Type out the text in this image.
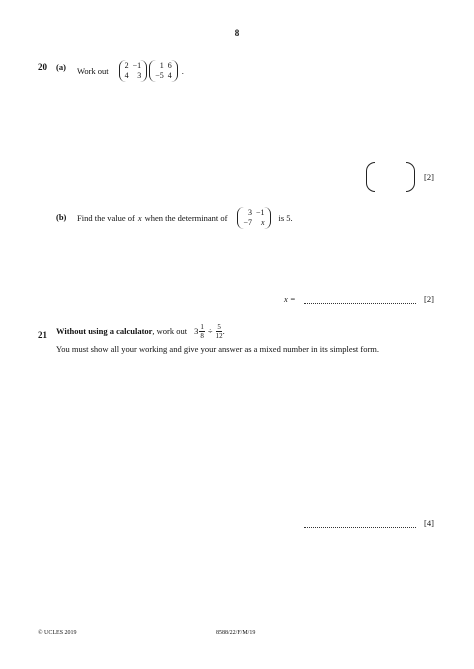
8
20 (a) Work out 2	−1
4	3
1	6
−5	4 .
[2]
(b) Find the value of x when the determinant of	3	−1
−7	x is 5.
x =	[2]
21 Without using a calculator , work out $3 \frac{1}{8} \div \frac{5}{12}$ .
You must show all your working and give your answer as a mixed number in its simplest form.
[4]
© UCLES 2019	8588/22/F/M/19
